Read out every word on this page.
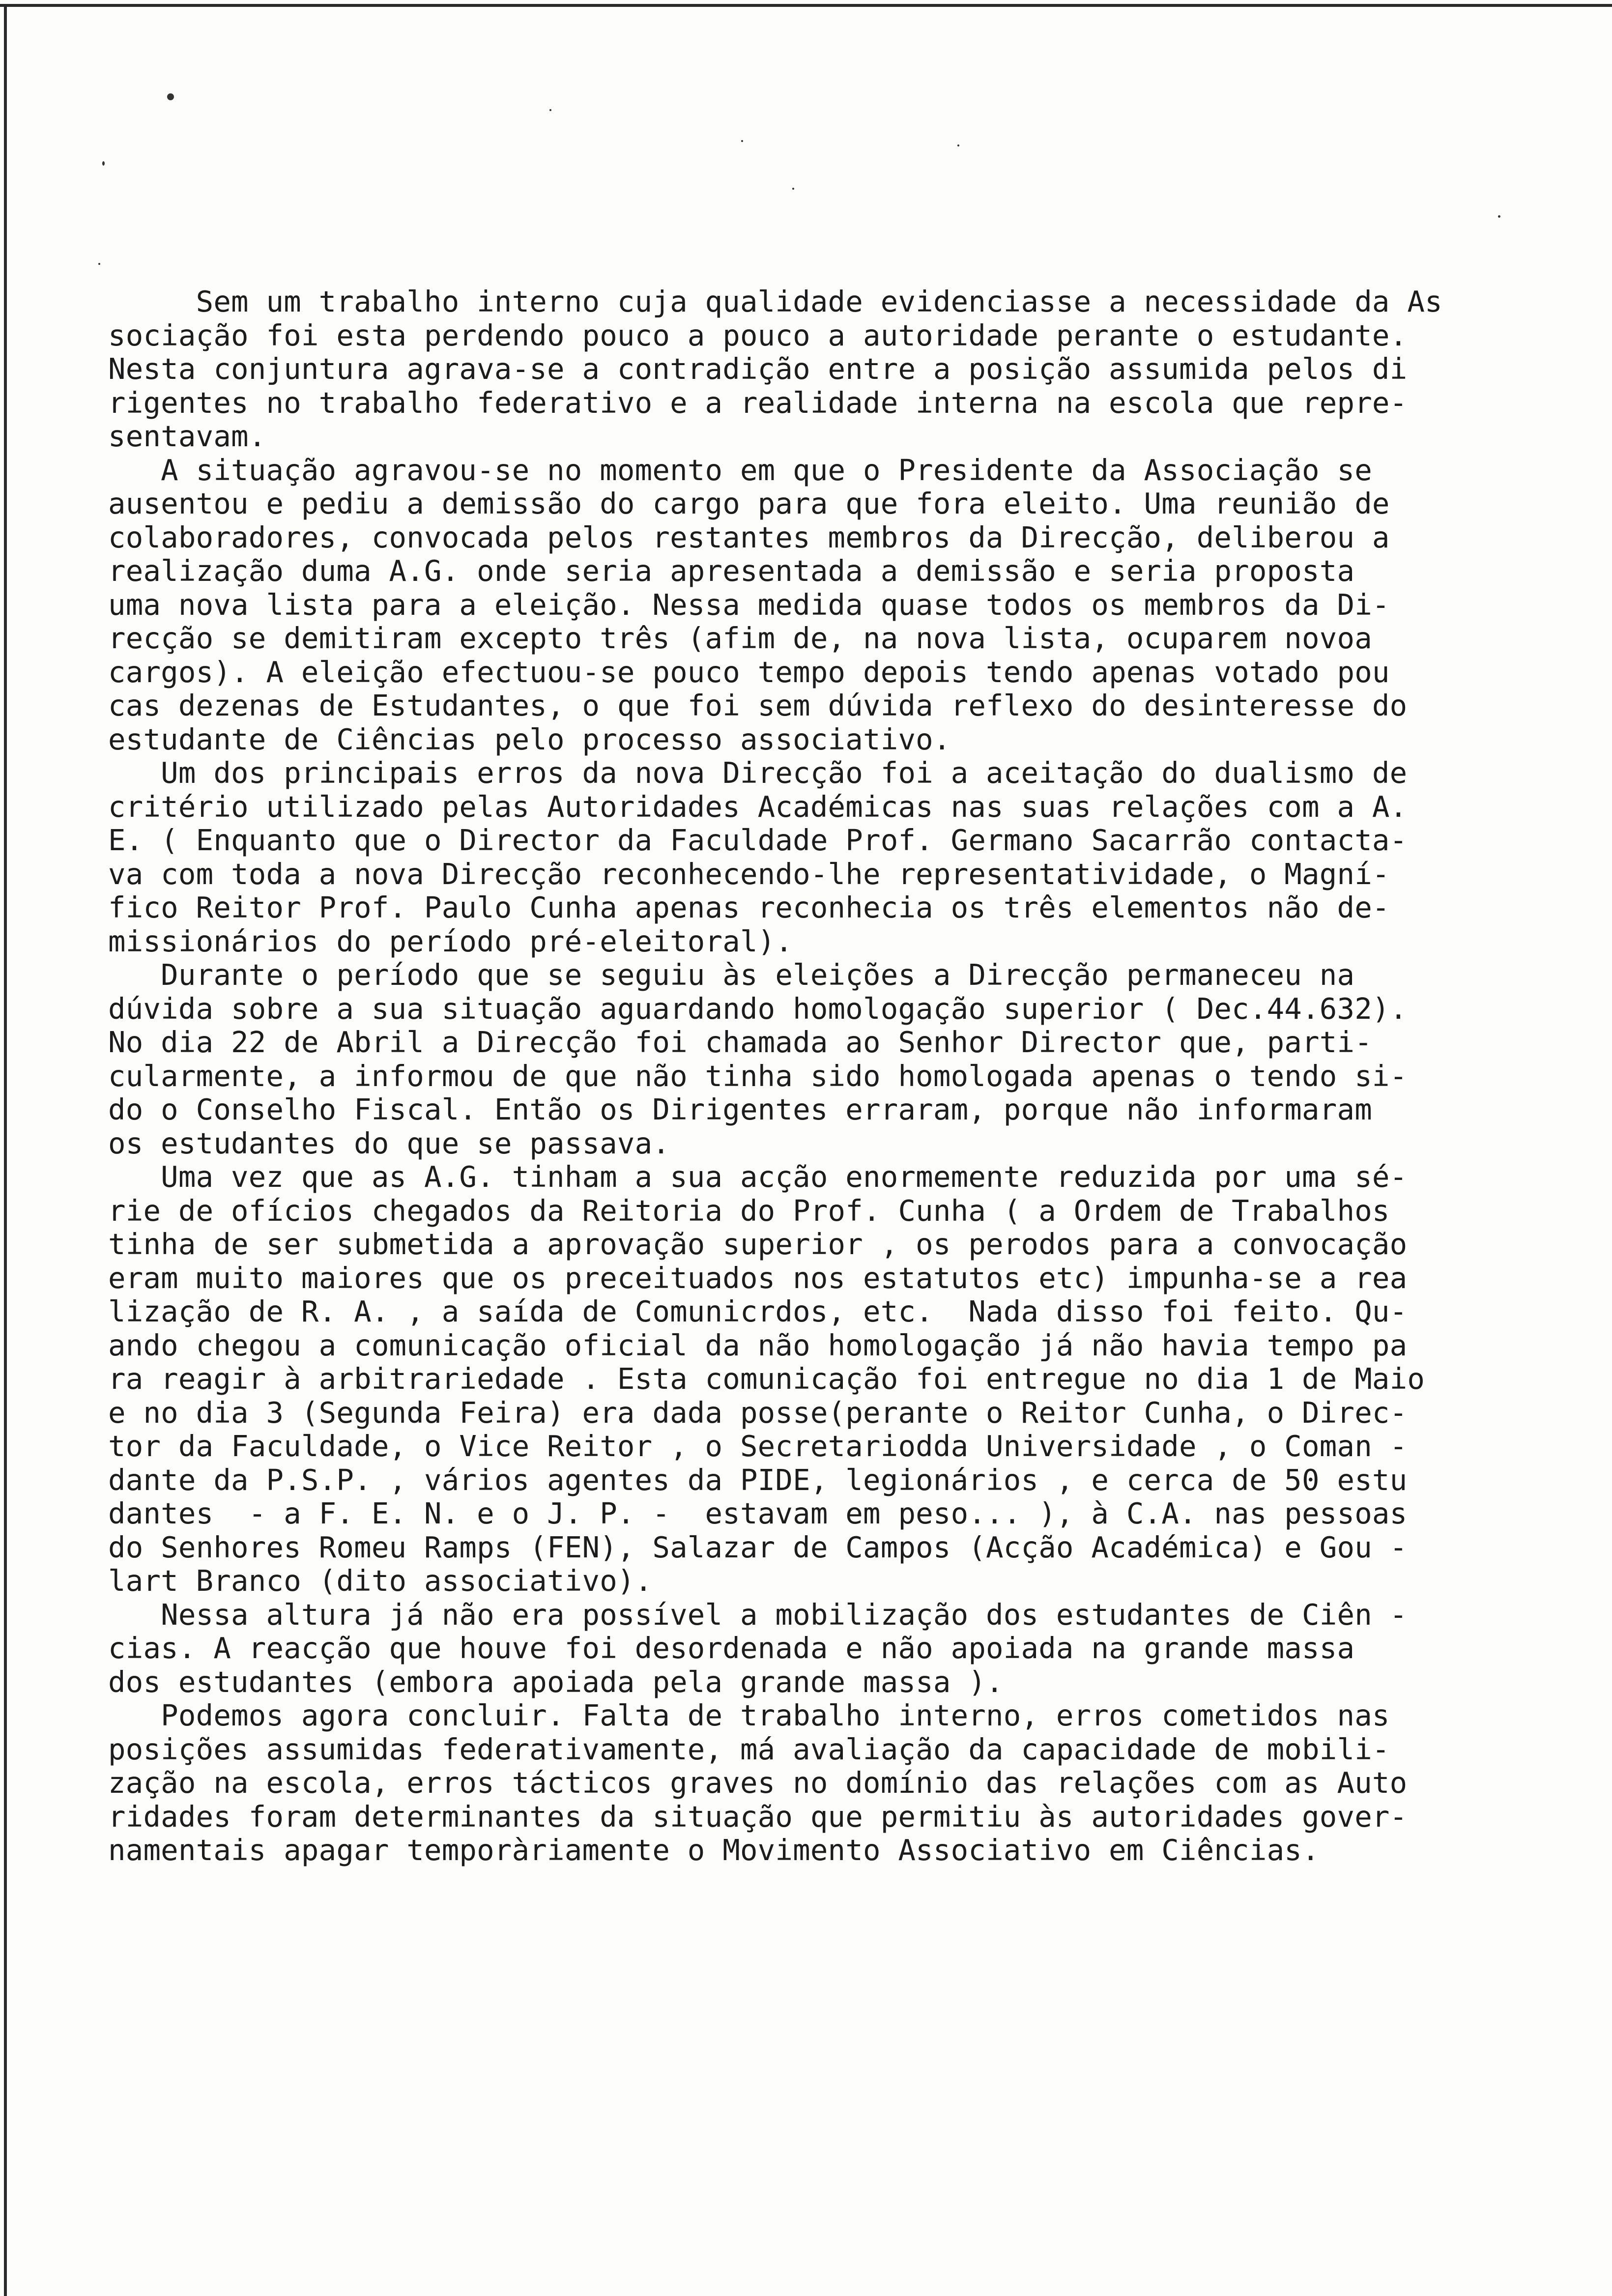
Sem um trabalho interno cuja qualidade evidenciasse a necessidade da As
sociação foi esta perdendo pouco a pouco a autoridade perante o estudante.
Nesta conjuntura agrava-se a contradição entre a posição assumida pelos di
rigentes no trabalho federativo e a realidade interna na escola que repre-
sentavam.
A situação agravou-se no momento em que o Presidente da Associação se
ausentou e pediu a demissão do cargo para que fora eleito. Uma reunião de
colaboradores, convocada pelos restantes membros da Direcção, deliberou a
realização duma A.G. onde seria apresentada a demissão e seria proposta
uma nova lista para a eleição. Nessa medida quase todos os membros da Di-
recção se demitiram excepto três (afim de, na nova lista, ocuparem novoa
cargos). A eleição efectuou-se pouco tempo depois tendo apenas votado pou
cas dezenas de Estudantes, o que foi sem dúvida reflexo do desinteresse do
estudante de Ciências pelo processo associativo.
Um dos principais erros da nova Direcção foi a aceitação do dualismo de
critério utilizado pelas Autoridades Académicas nas suas relações com a A.
E. ( Enquanto que o Director da Faculdade Prof. Germano Sacarrão contacta-
va com toda a nova Direcção reconhecendo-lhe representatividade, o Magní-
fico Reitor Prof. Paulo Cunha apenas reconhecia os três elementos não de-
missionários do período pré-eleitoral).
Durante o período que se seguiu às eleições a Direcção permaneceu na
dúvida sobre a sua situação aguardando homologação superior ( Dec.44.632).
No dia 22 de Abril a Direcção foi chamada ao Senhor Director que, parti-
cularmente, a informou de que não tinha sido homologada apenas o tendo si-
do o Conselho Fiscal. Então os Dirigentes erraram, porque não informaram
os estudantes do que se passava.
Uma vez que as A.G. tinham a sua acção enormemente reduzida por uma sé-
rie de ofícios chegados da Reitoria do Prof. Cunha ( a Ordem de Trabalhos
tinha de ser submetida a aprovação superior , os perodos para a convocação
eram muito maiores que os preceituados nos estatutos etc) impunha-se a rea
lização de R. A. , a saída de Comunicrdos, etc.  Nada disso foi feito. Qu-
ando chegou a comunicação oficial da não homologação já não havia tempo pa
ra reagir à arbitrariedade . Esta comunicação foi entregue no dia 1 de Maio
e no dia 3 (Segunda Feira) era dada posse(perante o Reitor Cunha, o Direc-
tor da Faculdade, o Vice Reitor , o Secretariodda Universidade , o Coman -
dante da P.S.P. , vários agentes da PIDE, legionários , e cerca de 50 estu
dantes  - a F. E. N. e o J. P. -  estavam em peso... ), à C.A. nas pessoas
do Senhores Romeu Ramps (FEN), Salazar de Campos (Acção Académica) e Gou -
lart Branco (dito associativo).
Nessa altura já não era possível a mobilização dos estudantes de Ciên -
cias. A reacção que houve foi desordenada e não apoiada na grande massa
dos estudantes (embora apoiada pela grande massa ).
Podemos agora concluir. Falta de trabalho interno, erros cometidos nas
posições assumidas federativamente, má avaliação da capacidade de mobili-
zação na escola, erros tácticos graves no domínio das relações com as Auto
ridades foram determinantes da situação que permitiu às autoridades gover-
namentais apagar temporàriamente o Movimento Associativo em Ciências.
